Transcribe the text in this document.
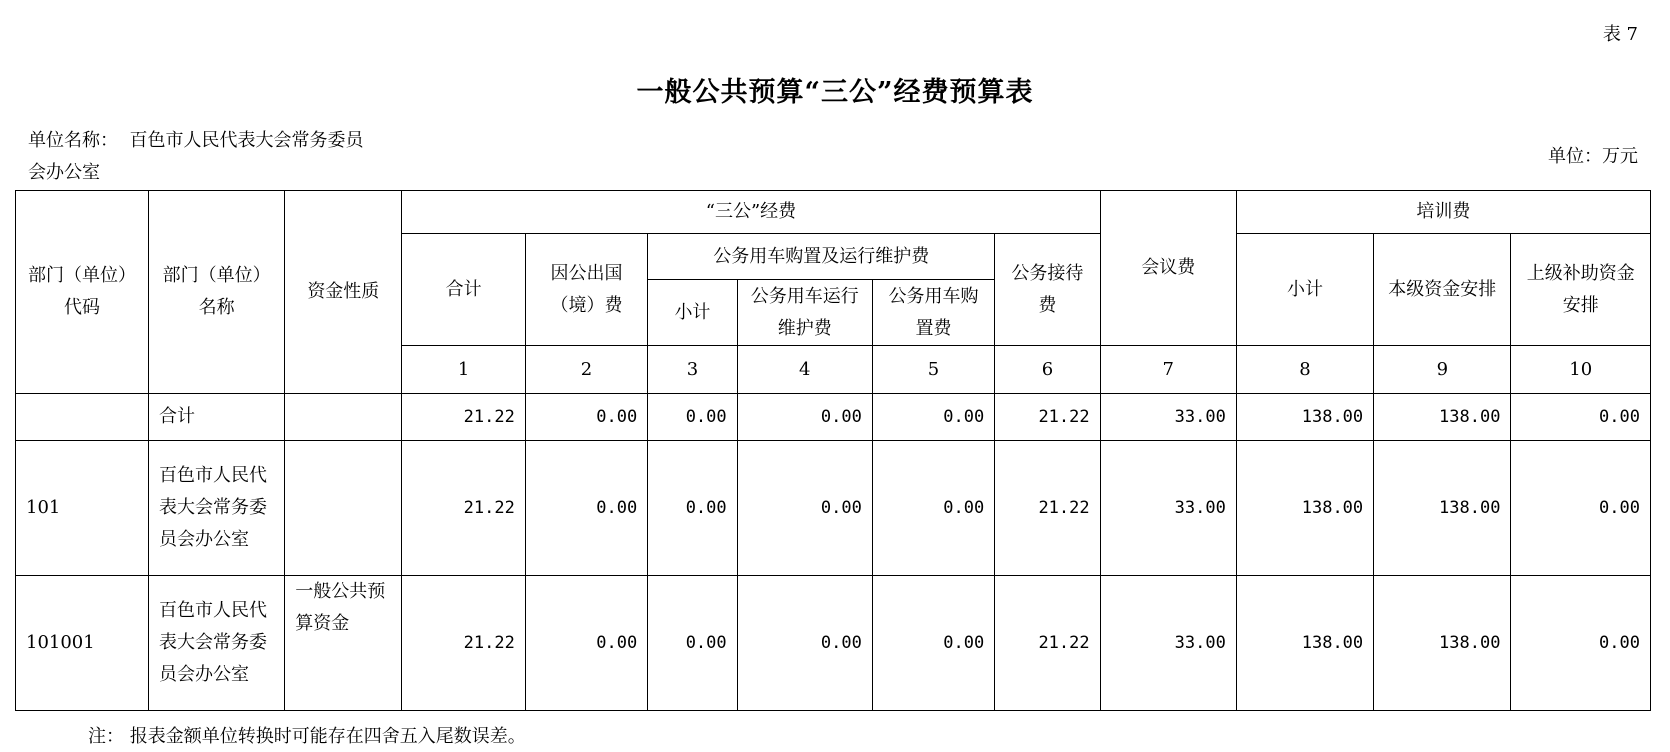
表 7
一般公共预算“三公”经费预算表
单位名称： 百色市人民代表大会常务委员
会办公室
单位：万元
部门（单位）代码	部门（单位）名称	资金性质	“三公”经费						会议费	培训费		
			合计	因公出国（境）费	公务用车购置及运行维护费			公务接待费		小计	本级资金安排	上级补助资金安排
					小计	公务用车运行维护费	公务用车购置费					
			1	2	3	4	5	6	7	8	9	10
	合计		21.22	0.00	0.00	0.00	0.00	21.22	33.00	138.00	138.00	0.00
101	百色市人民代表大会常务委员会办公室		21.22	0.00	0.00	0.00	0.00	21.22	33.00	138.00	138.00	0.00
101001	百色市人民代表大会常务委员会办公室	一般公共预算资金	21.22	0.00	0.00	0.00	0.00	21.22	33.00	138.00	138.00	0.00
注： 报表金额单位转换时可能存在四舍五入尾数误差。
